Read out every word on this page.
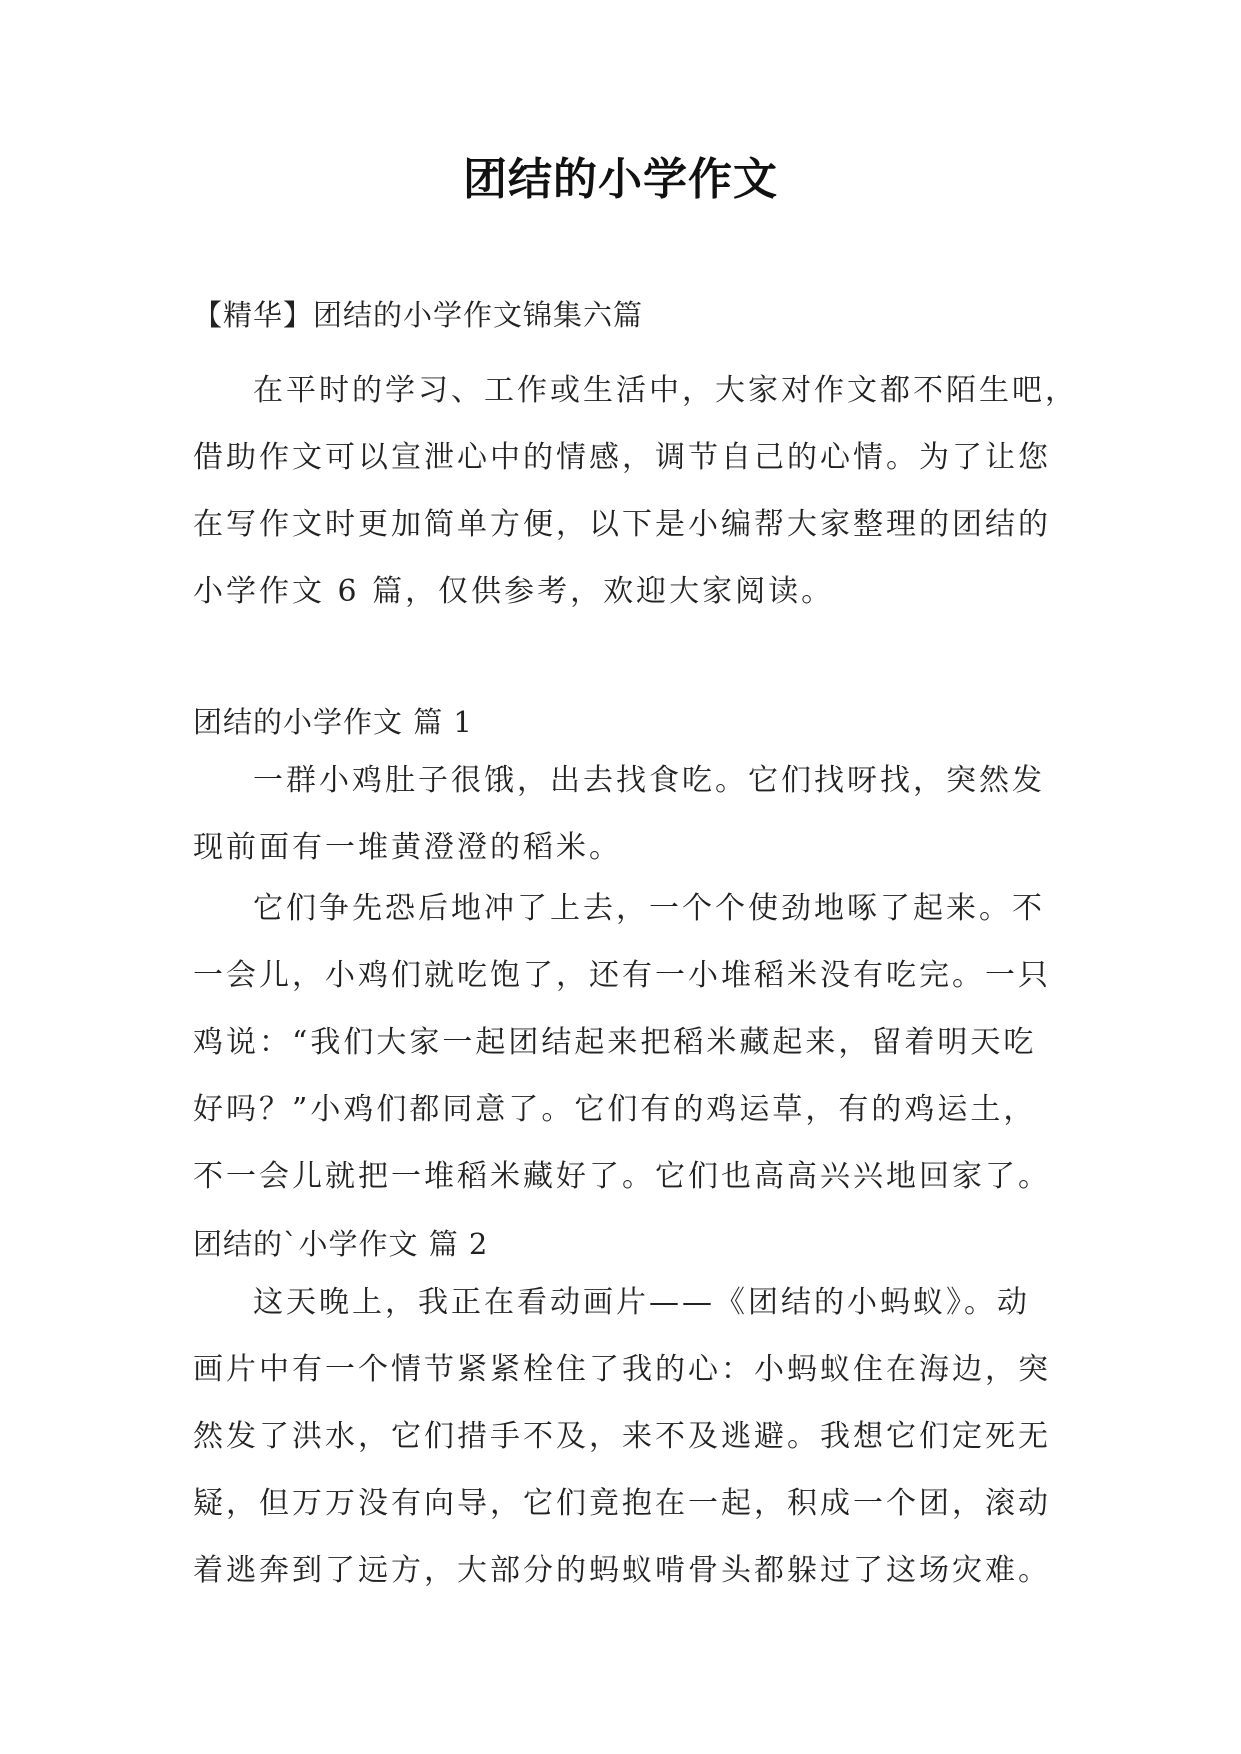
团结的小学作文
【精华】团结的小学作文锦集六篇

在平时的学习、工作或生活中，大家对作文都不陌生吧，
借助作文可以宣泄心中的情感，调节自己的心情。为了让您
在写作文时更加简单方便，以下是小编帮大家整理的团结的
小学作文 6 篇，仅供参考，欢迎大家阅读。

团结的小学作文 篇 1

一群小鸡肚子很饿，出去找食吃。它们找呀找，突然发
现前面有一堆黄澄澄的稻米。

它们争先恐后地冲了上去，一个个使劲地啄了起来。不
一会儿，小鸡们就吃饱了，还有一小堆稻米没有吃完。一只
鸡说：“我们大家一起团结起来把稻米藏起来，留着明天吃
好吗？”小鸡们都同意了。它们有的鸡运草，有的鸡运土，
不一会儿就把一堆稻米藏好了。它们也高高兴兴地回家了。

团结的`小学作文 篇 2

这天晚上，我正在看动画片——《团结的小蚂蚁》。动
画片中有一个情节紧紧栓住了我的心：小蚂蚁住在海边，突
然发了洪水，它们措手不及，来不及逃避。我想它们定死无
疑，但万万没有向导，它们竟抱在一起，积成一个团，滚动
着逃奔到了远方，大部分的蚂蚁啃骨头都躲过了这场灾难。
